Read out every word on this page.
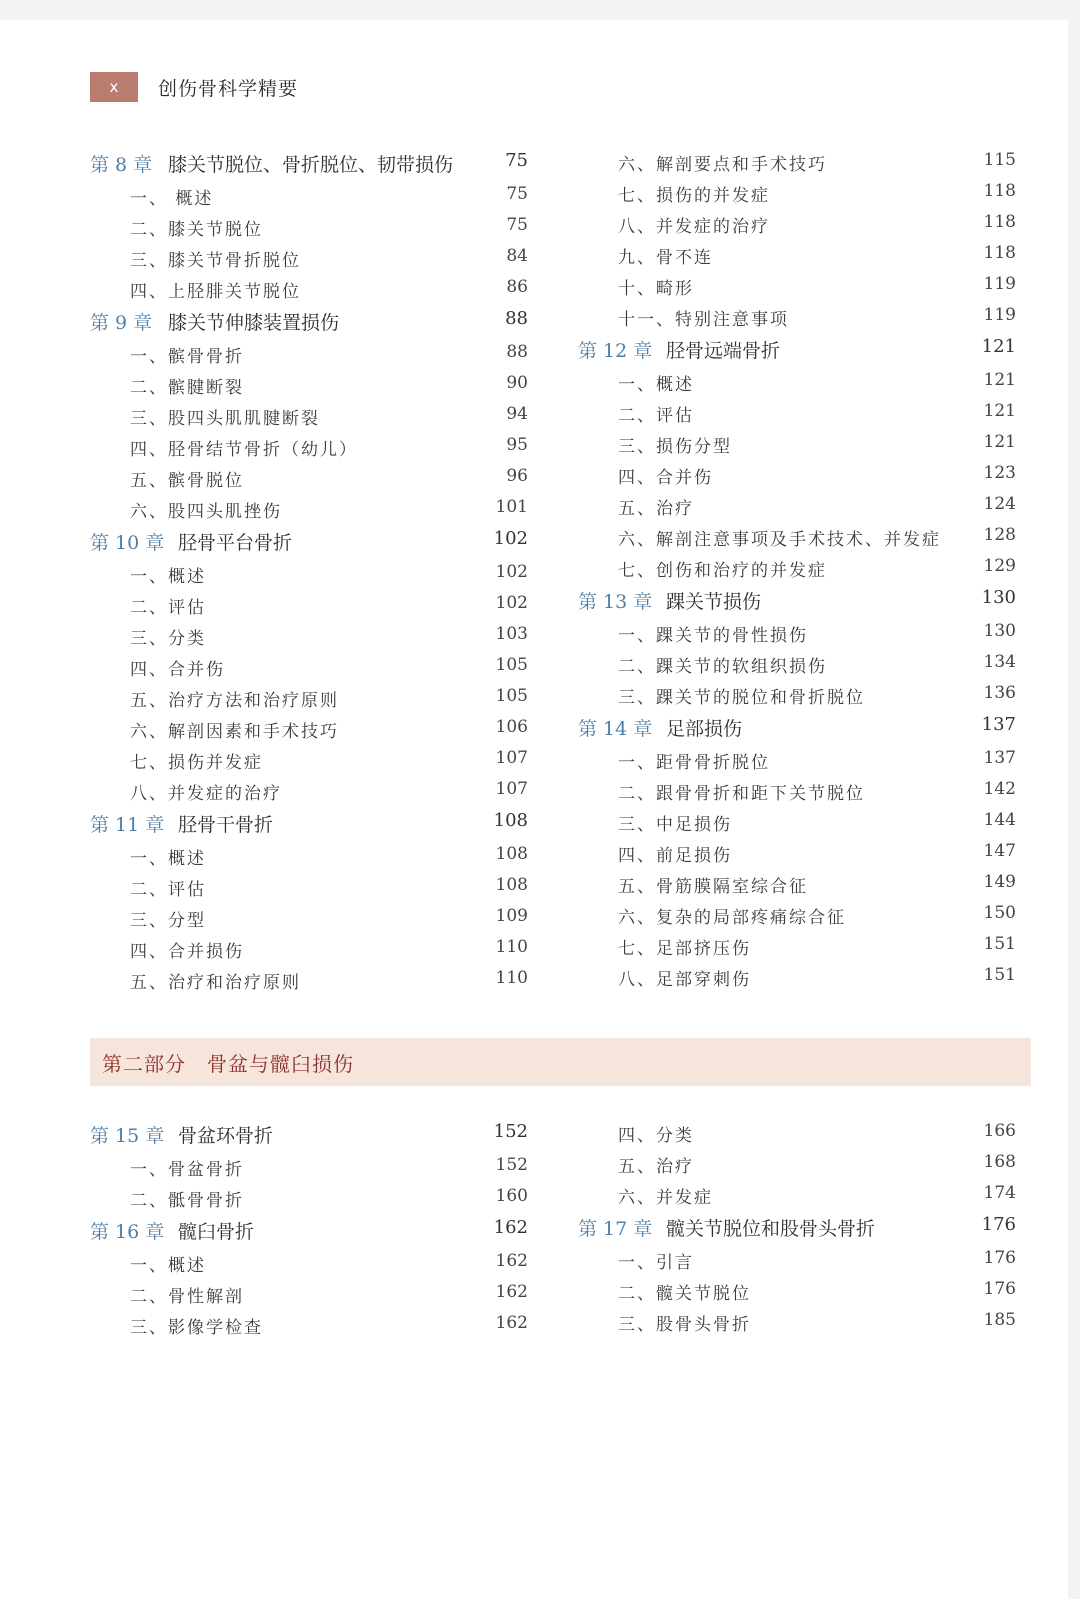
x	创伤骨科学精要
第 8 章 膝关节脱位、骨折脱位、韧带损伤	75
一、 概述	75
二、膝关节脱位	75
三、膝关节骨折脱位	84
四、上胫腓关节脱位	86
第 9 章 膝关节伸膝装置损伤	88
一、髌骨骨折	88
二、髌腱断裂	90
三、股四头肌肌腱断裂	94
四、胫骨结节骨折（幼儿）	95
五、髌骨脱位	96
六、股四头肌挫伤	101
第 10 章 胫骨平台骨折	102
一、概述	102
二、评估	102
三、分类	103
四、合并伤	105
五、治疗方法和治疗原则	105
六、解剖因素和手术技巧	106
七、损伤并发症	107
八、并发症的治疗	107
第 11 章 胫骨干骨折	108
一、概述	108
二、评估	108
三、分型	109
四、合并损伤	110
五、治疗和治疗原则	110
六、解剖要点和手术技巧	115
七、损伤的并发症	118
八、并发症的治疗	118
九、骨不连	118
十、畸形	119
十一、特别注意事项	119
第 12 章 胫骨远端骨折	121
一、概述	121
二、评估	121
三、损伤分型	121
四、合并伤	123
五、治疗	124
六、解剖注意事项及手术技术、并发症	128
七、创伤和治疗的并发症	129
第 13 章 踝关节损伤	130
一、踝关节的骨性损伤	130
二、踝关节的软组织损伤	134
三、踝关节的脱位和骨折脱位	136
第 14 章 足部损伤	137
一、距骨骨折脱位	137
二、跟骨骨折和距下关节脱位	142
三、中足损伤	144
四、前足损伤	147
五、骨筋膜隔室综合征	149
六、复杂的局部疼痛综合征	150
七、足部挤压伤	151
八、足部穿刺伤	151
第二部分　骨盆与髋臼损伤
第 15 章 骨盆环骨折	152
一、骨盆骨折	152
二、骶骨骨折	160
第 16 章 髋臼骨折	162
一、概述	162
二、骨性解剖	162
三、影像学检查	162
四、分类	166
五、治疗	168
六、并发症	174
第 17 章 髋关节脱位和股骨头骨折	176
一、引言	176
二、髋关节脱位	176
三、股骨头骨折	185
